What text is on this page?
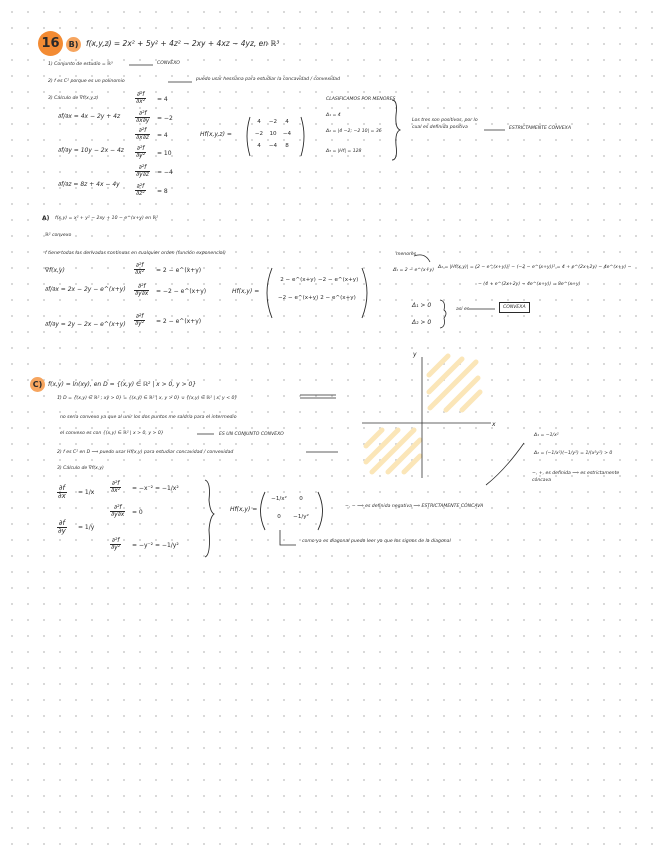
16	B)	f(x,y,z) = 2x² + 5y² + 4z² − 2xy + 4xz − 4yz, en ℝ³
1) Conjunto de estudio = ℝ³	CONVEXO
2) f es C² porque es un polinomio	puedo usar hessiana para estudiar la concavidad / convexidad
3) Cálculo de ∇f(x,y,z)
∂f/∂x = 4x − 2y + 4z
∂f/∂y = 10y − 2x − 4z
∂f/∂z = 8z + 4x − 4y
$\frac{\text{∂²f}}{\text{∂x²}} = 4$
$\frac{\text{∂²f}}{\partial x\partial y} = -2$
$\frac{\text{∂²f}}{\partial x\partial z} = 4$
$\frac{\text{∂²f}}{\text{∂y²}} = 10$
$\frac{\text{∂²f}}{\partial y\partial z} = -4$
$\frac{\text{∂²f}}{\text{∂z²}} = 8$
Hf(x,y,z) =
4 −2 4
−2 10 −4
4 −4 8
CLASIFICAMOS POR MENORES
Δ₁ = 4
Δ₂ = |4 −2; −2 10| = 36
Δ₃ = |Hf| = 128
Los tres son positivos, por lo cual es definida positiva	ESTRICTAMENTE CONVEXA
A) f(x,y) = x² + y² − 2xy + 10 − e^(x+y) en ℝ²
ℝ² convexo
f tiene todas las derivadas continuas en cualquier orden (función exponencial)
∇f(x,y)
∂f/∂x = 2x − 2y − e^(x+y)
∂f/∂y = 2y − 2x − e^(x+y)
$\frac{\text{∂²f}}{\text{∂x²}} = 2$ − e^(x+y)
$\frac{\text{∂²f}}{\partial y\partial x} = -2$ − e^(x+y)
$\frac{\text{∂²f}}{\text{∂y²}} = 2$ − e^(x+y)
Hf(x,y) =
2 − e^(x+y) −2 − e^(x+y)
−2 − e^(x+y) 2 − e^(x+y)
menores
Δ₁ = 2 − e^(x+y)
Δ₂ = |Hf(x,y)| = (2 − e^(x+y))² − (−2 − e^(x+y))² = 4 + e^(2x+2y) − 4e^(x+y) −
− (4 + e^(2x+2y) − 4e^(x+y)) = 8e^(x+y)
Δ₁ > 0
Δ₂ > 0
así es	CONVEXA
C) f(x,y) = ln(xy), en D = {(x,y) ∈ ℝ² | x > 0, y > 0}
1) D = {(x,y) ∈ ℝ² ; xy > 0} = {(x,y) ∈ ℝ² | x, y > 0} ∪ {(x,y) ∈ ℝ² | x, y < 0}
no sería convexo ya que al unir los dos puntos me saldría para el intermedio
el convexo es con {(x,y) ∈ ℝ² | x > 0, y > 0}	ES UN CONJUNTO CONVEXO
2) f es C² en D ⟹ puedo usar Hf(x,y) para estudiar concavidad / convexidad
3) Cálculo de ∇f(x,y)
$\frac{\partial f}{\partial x} = 1/x$
$\frac{\partial f}{\partial y} = 1/y$
$\frac{\text{∂²f}}{\text{∂x²}} = -x^{-2} = -1/x^2$
$\frac{\text{∂²f}}{\partial y\partial x} = 0$
$\frac{\text{∂²f}}{\text{∂y²}} = -y^{-2} = -1/y^2$
Hf(x,y) =
−1/x² 0
0 −1/y²
−, − ⟹ es definida negativa ⟹ ESTRICTAMENTE CÓNCAVA
como ya es diagonal puedo leer ya que los signos de la diagonal
Δ₁ = −1/x²
Δ₂ = (−1/x²)(−1/y²) = 1/(x²y²) > 0
−, +, es definida ⟹ es estrictamente cóncava
y
x
